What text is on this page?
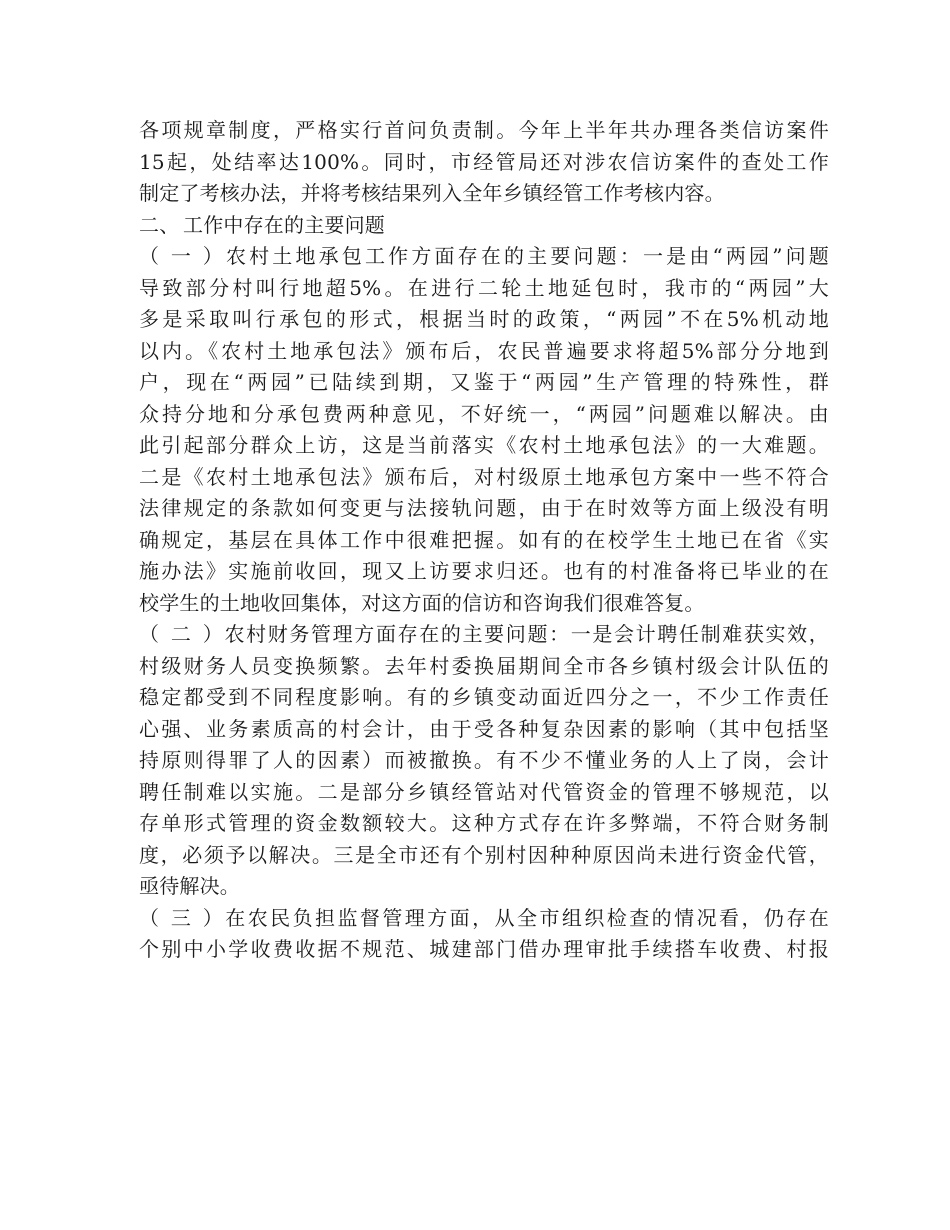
各项规章制度，严格实行首问负责制。今年上半年共办理各类信访案件
15起，处结率达100%。同时，市经管局还对涉农信访案件的查处工作
制定了考核办法，并将考核结果列入全年乡镇经管工作考核内容。
二、 工作中存在的主要问题
（一）农村土地承包工作方面存在的主要问题：一是由“两园”问题
导致部分村叫行地超5%。在进行二轮土地延包时，我市的“两园”大
多是采取叫行承包的形式，根据当时的政策，“两园”不在5%机动地
以内。《农村土地承包法》颁布后，农民普遍要求将超5%部分分地到
户，现在“两园”已陆续到期，又鉴于“两园”生产管理的特殊性，群
众持分地和分承包费两种意见，不好统一，“两园”问题难以解决。由
此引起部分群众上访，这是当前落实《农村土地承包法》的一大难题。
二是《农村土地承包法》颁布后，对村级原土地承包方案中一些不符合
法律规定的条款如何变更与法接轨问题，由于在时效等方面上级没有明
确规定，基层在具体工作中很难把握。如有的在校学生土地已在省《实
施办法》实施前收回，现又上访要求归还。也有的村准备将已毕业的在
校学生的土地收回集体，对这方面的信访和咨询我们很难答复。
（二）农村财务管理方面存在的主要问题：一是会计聘任制难获实效，
村级财务人员变换频繁。去年村委换届期间全市各乡镇村级会计队伍的
稳定都受到不同程度影响。有的乡镇变动面近四分之一，不少工作责任
心强、业务素质高的村会计，由于受各种复杂因素的影响（其中包括坚
持原则得罪了人的因素）而被撤换。有不少不懂业务的人上了岗，会计
聘任制难以实施。二是部分乡镇经管站对代管资金的管理不够规范，以
存单形式管理的资金数额较大。这种方式存在许多弊端，不符合财务制
度，必须予以解决。三是全市还有个别村因种种原因尚未进行资金代管，
亟待解决。
（三）在农民负担监督管理方面，从全市组织检查的情况看，仍存在
个别中小学收费收据不规范、城建部门借办理审批手续搭车收费、村报
